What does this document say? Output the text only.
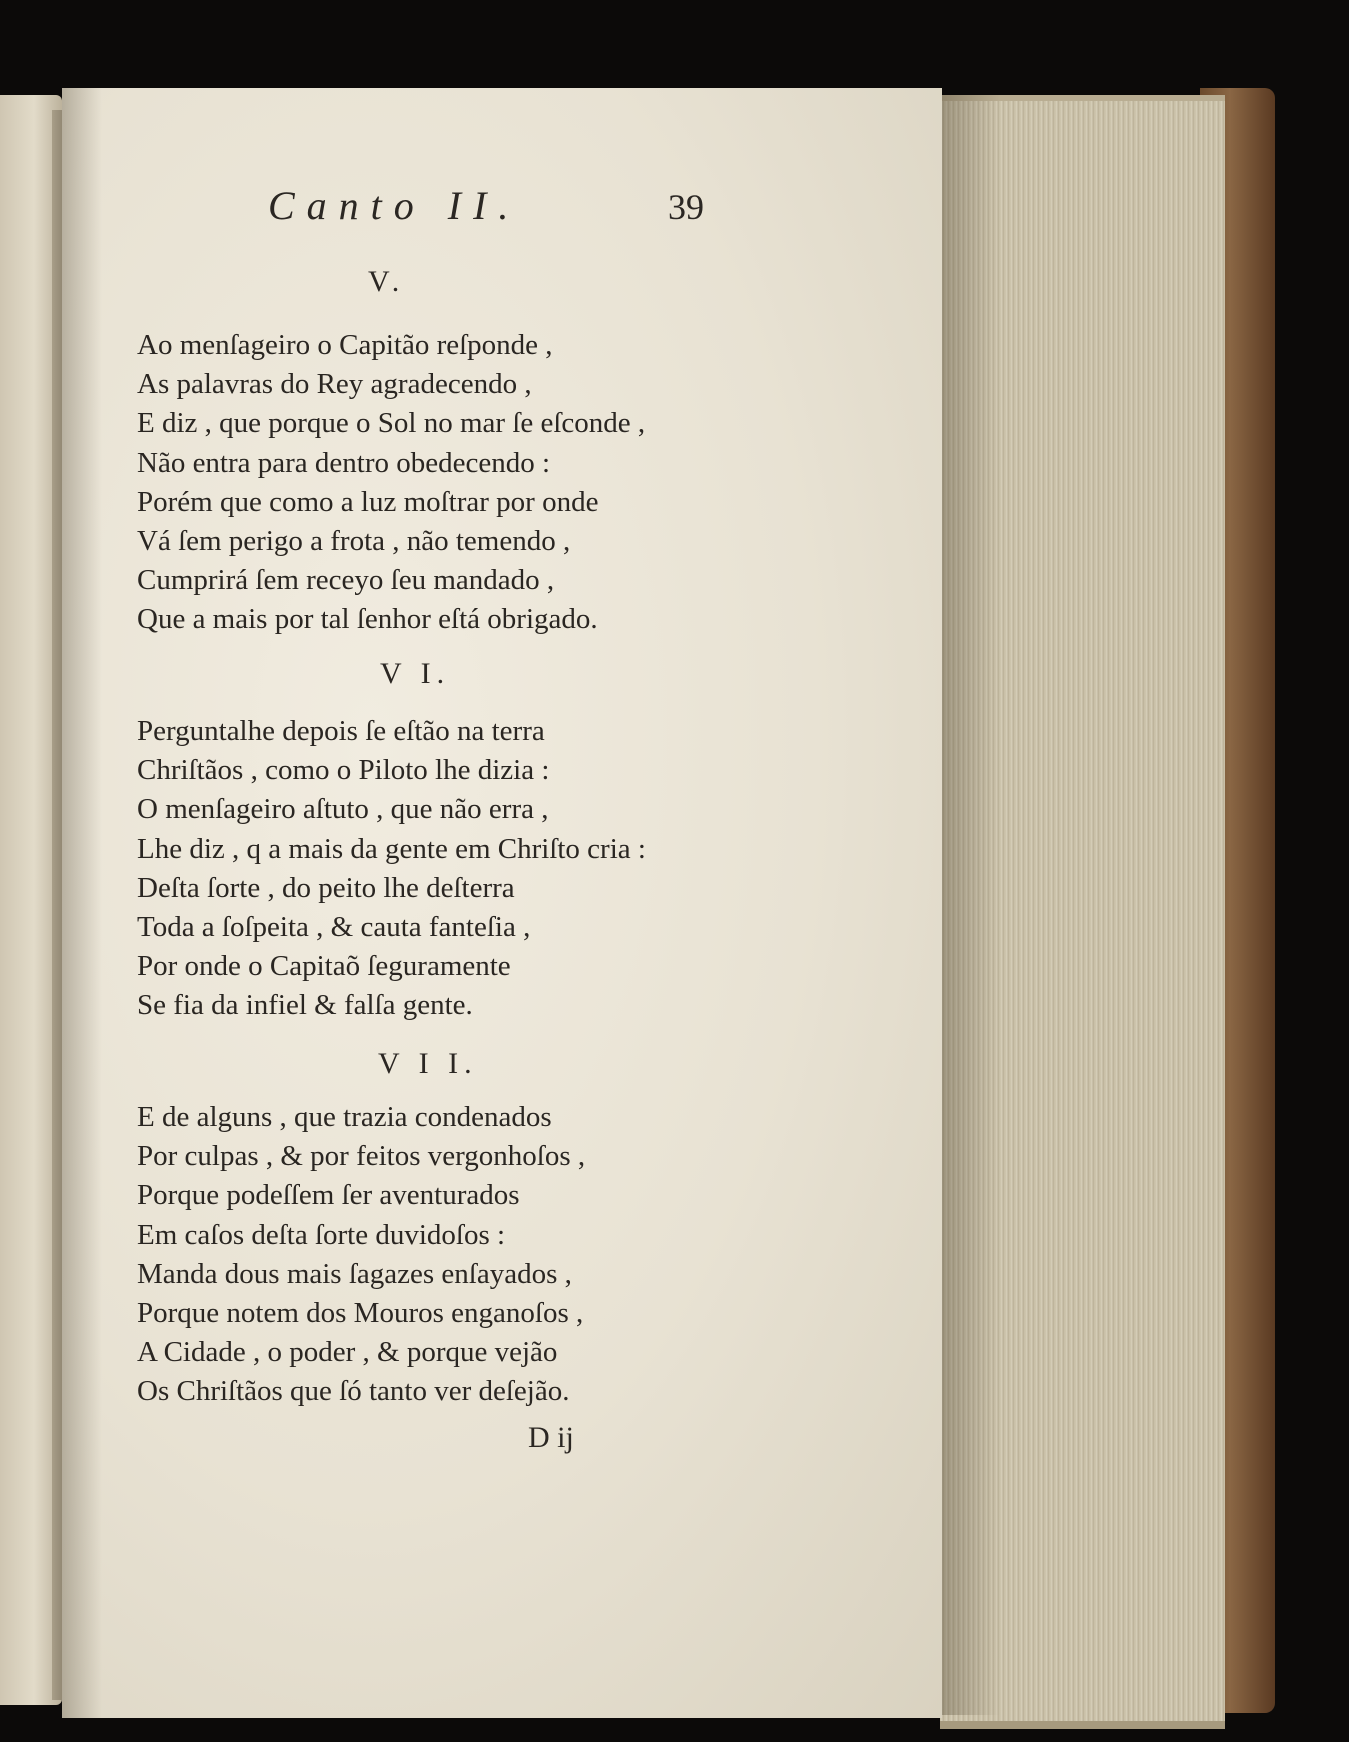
Canto II.	39
V.
Ao menſageiro o Capitão reſponde ,
As palavras do Rey agradecendo ,
E diz , que porque o Sol no mar ſe eſconde ,
Não entra para dentro obedecendo :
Porém que como a luz moſtrar por onde
Vá ſem perigo a frota , não temendo ,
Cumprirá ſem receyo ſeu mandado ,
Que a mais por tal ſenhor eſtá obrigado.
V I.
Perguntalhe depois ſe eſtão na terra
Chriſtãos , como o Piloto lhe dizia :
O menſageiro aſtuto , que não erra ,
Lhe diz , q a mais da gente em Chriſto cria :
Deſta ſorte , do peito lhe deſterra
Toda a ſoſpeita , & cauta fanteſia ,
Por onde o Capitaõ ſeguramente
Se fia da infiel & falſa gente.
V I I.
E de alguns , que trazia condenados
Por culpas , & por feitos vergonhoſos ,
Porque podeſſem ſer aventurados
Em caſos deſta ſorte duvidoſos :
Manda dous mais ſagazes enſayados ,
Porque notem dos Mouros enganoſos ,
A Cidade , o poder , & porque vejão
Os Chriſtãos que ſó tanto ver deſejão.
D ij
